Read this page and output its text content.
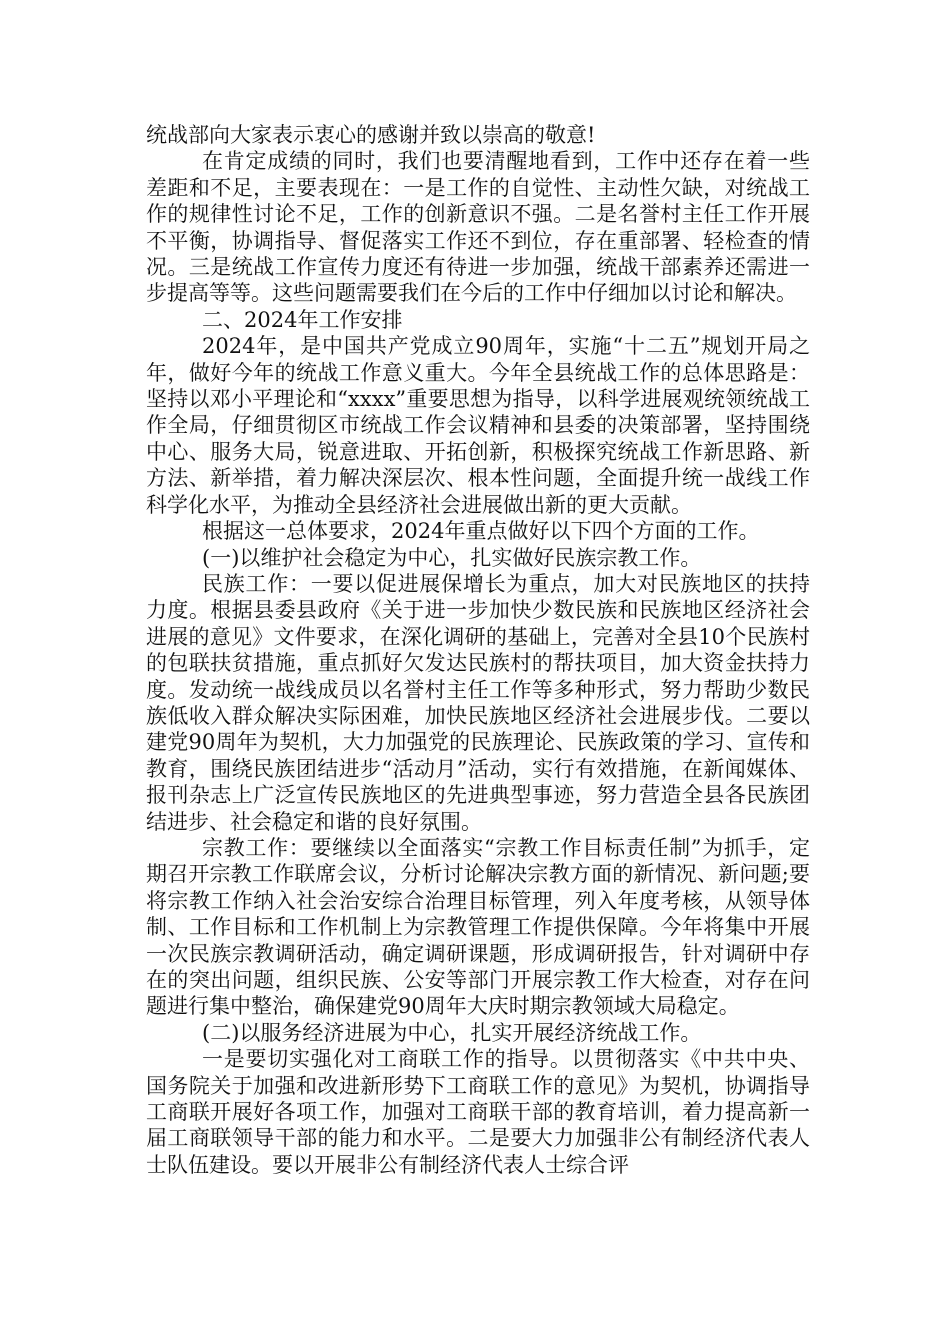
统战部向大家表示衷心的感谢并致以崇高的敬意!

在肯定成绩的同时，我们也要清醒地看到，工作中还存在着一些差距和不足，主要表现在：一是工作的自觉性、主动性欠缺，对统战工作的规律性讨论不足，工作的创新意识不强。二是名誉村主任工作开展不平衡，协调指导、督促落实工作还不到位，存在重部署、轻检查的情况。三是统战工作宣传力度还有待进一步加强，统战干部素养还需进一步提高等等。这些问题需要我们在今后的工作中仔细加以讨论和解决。

二、2024年工作安排

2024年，是中国共产党成立90周年，实施“十二五”规划开局之年，做好今年的统战工作意义重大。今年全县统战工作的总体思路是：坚持以邓小平理论和“xxxx”重要思想为指导，以科学进展观统领统战工作全局，仔细贯彻区市统战工作会议精神和县委的决策部署，坚持围绕中心、服务大局，锐意进取、开拓创新，积极探究统战工作新思路、新方法、新举措，着力解决深层次、根本性问题，全面提升统一战线工作科学化水平，为推动全县经济社会进展做出新的更大贡献。

根据这一总体要求，2024年重点做好以下四个方面的工作。

(一)以维护社会稳定为中心，扎实做好民族宗教工作。

民族工作：一要以促进展保增长为重点，加大对民族地区的扶持力度。根据县委县政府《关于进一步加快少数民族和民族地区经济社会进展的意见》文件要求，在深化调研的基础上，完善对全县10个民族村的包联扶贫措施，重点抓好欠发达民族村的帮扶项目，加大资金扶持力度。发动统一战线成员以名誉村主任工作等多种形式，努力帮助少数民族低收入群众解决实际困难，加快民族地区经济社会进展步伐。二要以建党90周年为契机，大力加强党的民族理论、民族政策的学习、宣传和教育，围绕民族团结进步“活动月”活动，实行有效措施，在新闻媒体、报刊杂志上广泛宣传民族地区的先进典型事迹，努力营造全县各民族团结进步、社会稳定和谐的良好氛围。

宗教工作：要继续以全面落实“宗教工作目标责任制”为抓手，定期召开宗教工作联席会议，分析讨论解决宗教方面的新情况、新问题;要将宗教工作纳入社会治安综合治理目标管理，列入年度考核，从领导体制、工作目标和工作机制上为宗教管理工作提供保障。今年将集中开展一次民族宗教调研活动，确定调研课题，形成调研报告，针对调研中存在的突出问题，组织民族、公安等部门开展宗教工作大检查，对存在问题进行集中整治，确保建党90周年大庆时期宗教领域大局稳定。

(二)以服务经济进展为中心，扎实开展经济统战工作。

一是要切实强化对工商联工作的指导。以贯彻落实《中共中央、国务院关于加强和改进新形势下工商联工作的意见》为契机，协调指导工商联开展好各项工作，加强对工商联干部的教育培训，着力提高新一届工商联领导干部的能力和水平。二是要大力加强非公有制经济代表人士队伍建设。要以开展非公有制经济代表人士综合评
